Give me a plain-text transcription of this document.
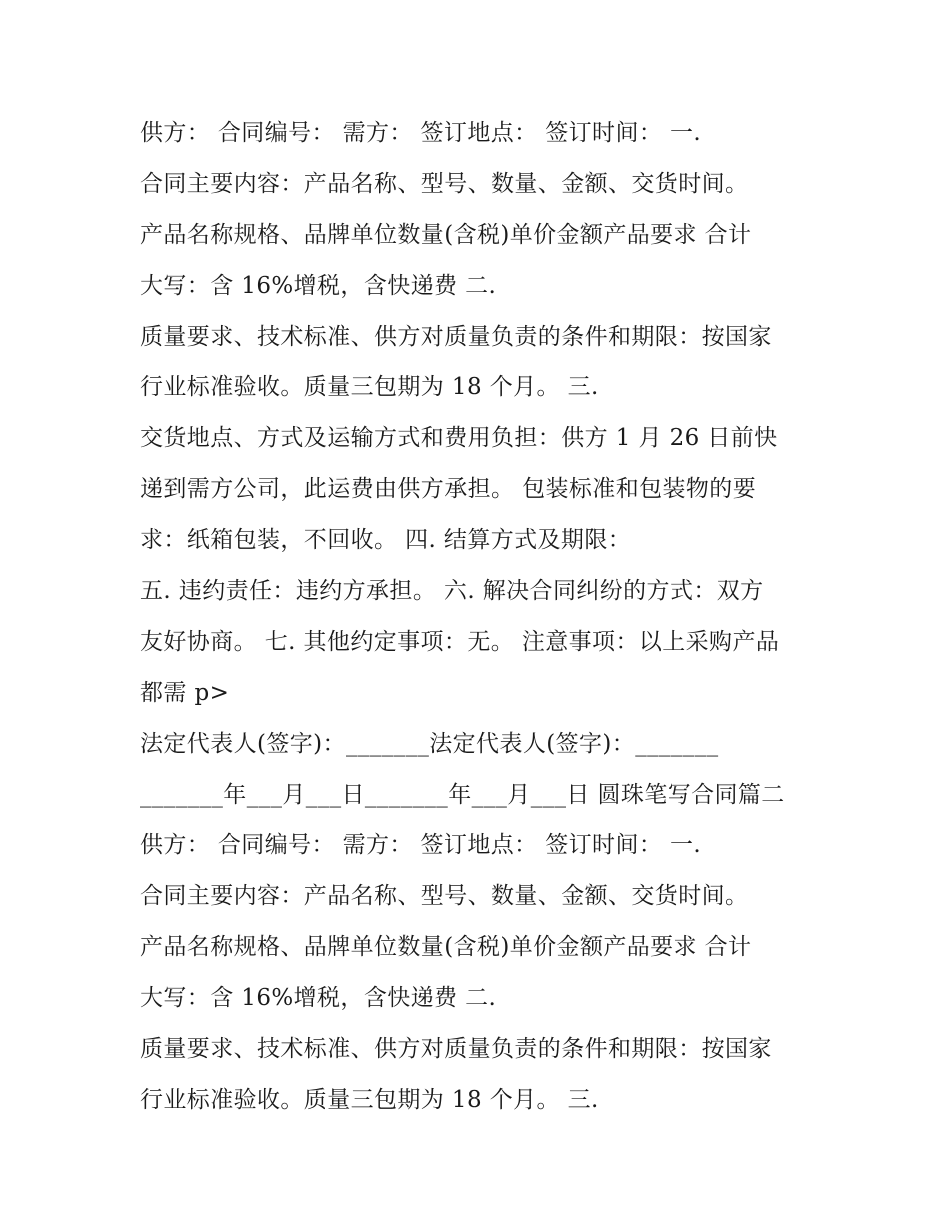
供方： 合同编号： 需方： 签订地点： 签订时间： 一.
合同主要内容：产品名称、型号、数量、金额、交货时间。
产品名称规格、品牌单位数量(含税)单价金额产品要求 合计
大写：含 16%增税，含快递费 二.
质量要求、技术标准、供方对质量负责的条件和期限：按国家
行业标准验收。质量三包期为 18 个月。 三.
交货地点、方式及运输方式和费用负担：供方 1 月 26 日前快
递到需方公司，此运费由供方承担。 包装标准和包装物的要
求：纸箱包装，不回收。 四. 结算方式及期限：
五. 违约责任：违约方承担。 六. 解决合同纠纷的方式：双方
友好协商。 七. 其他约定事项：无。 注意事项：以上采购产品
都需 p>
法定代表人(签字)：_______法定代表人(签字)：_______
_______年___月___日_______年___月___日 圆珠笔写合同篇二
供方： 合同编号： 需方： 签订地点： 签订时间： 一.
合同主要内容：产品名称、型号、数量、金额、交货时间。
产品名称规格、品牌单位数量(含税)单价金额产品要求 合计
大写：含 16%增税，含快递费 二.
质量要求、技术标准、供方对质量负责的条件和期限：按国家
行业标准验收。质量三包期为 18 个月。 三.
